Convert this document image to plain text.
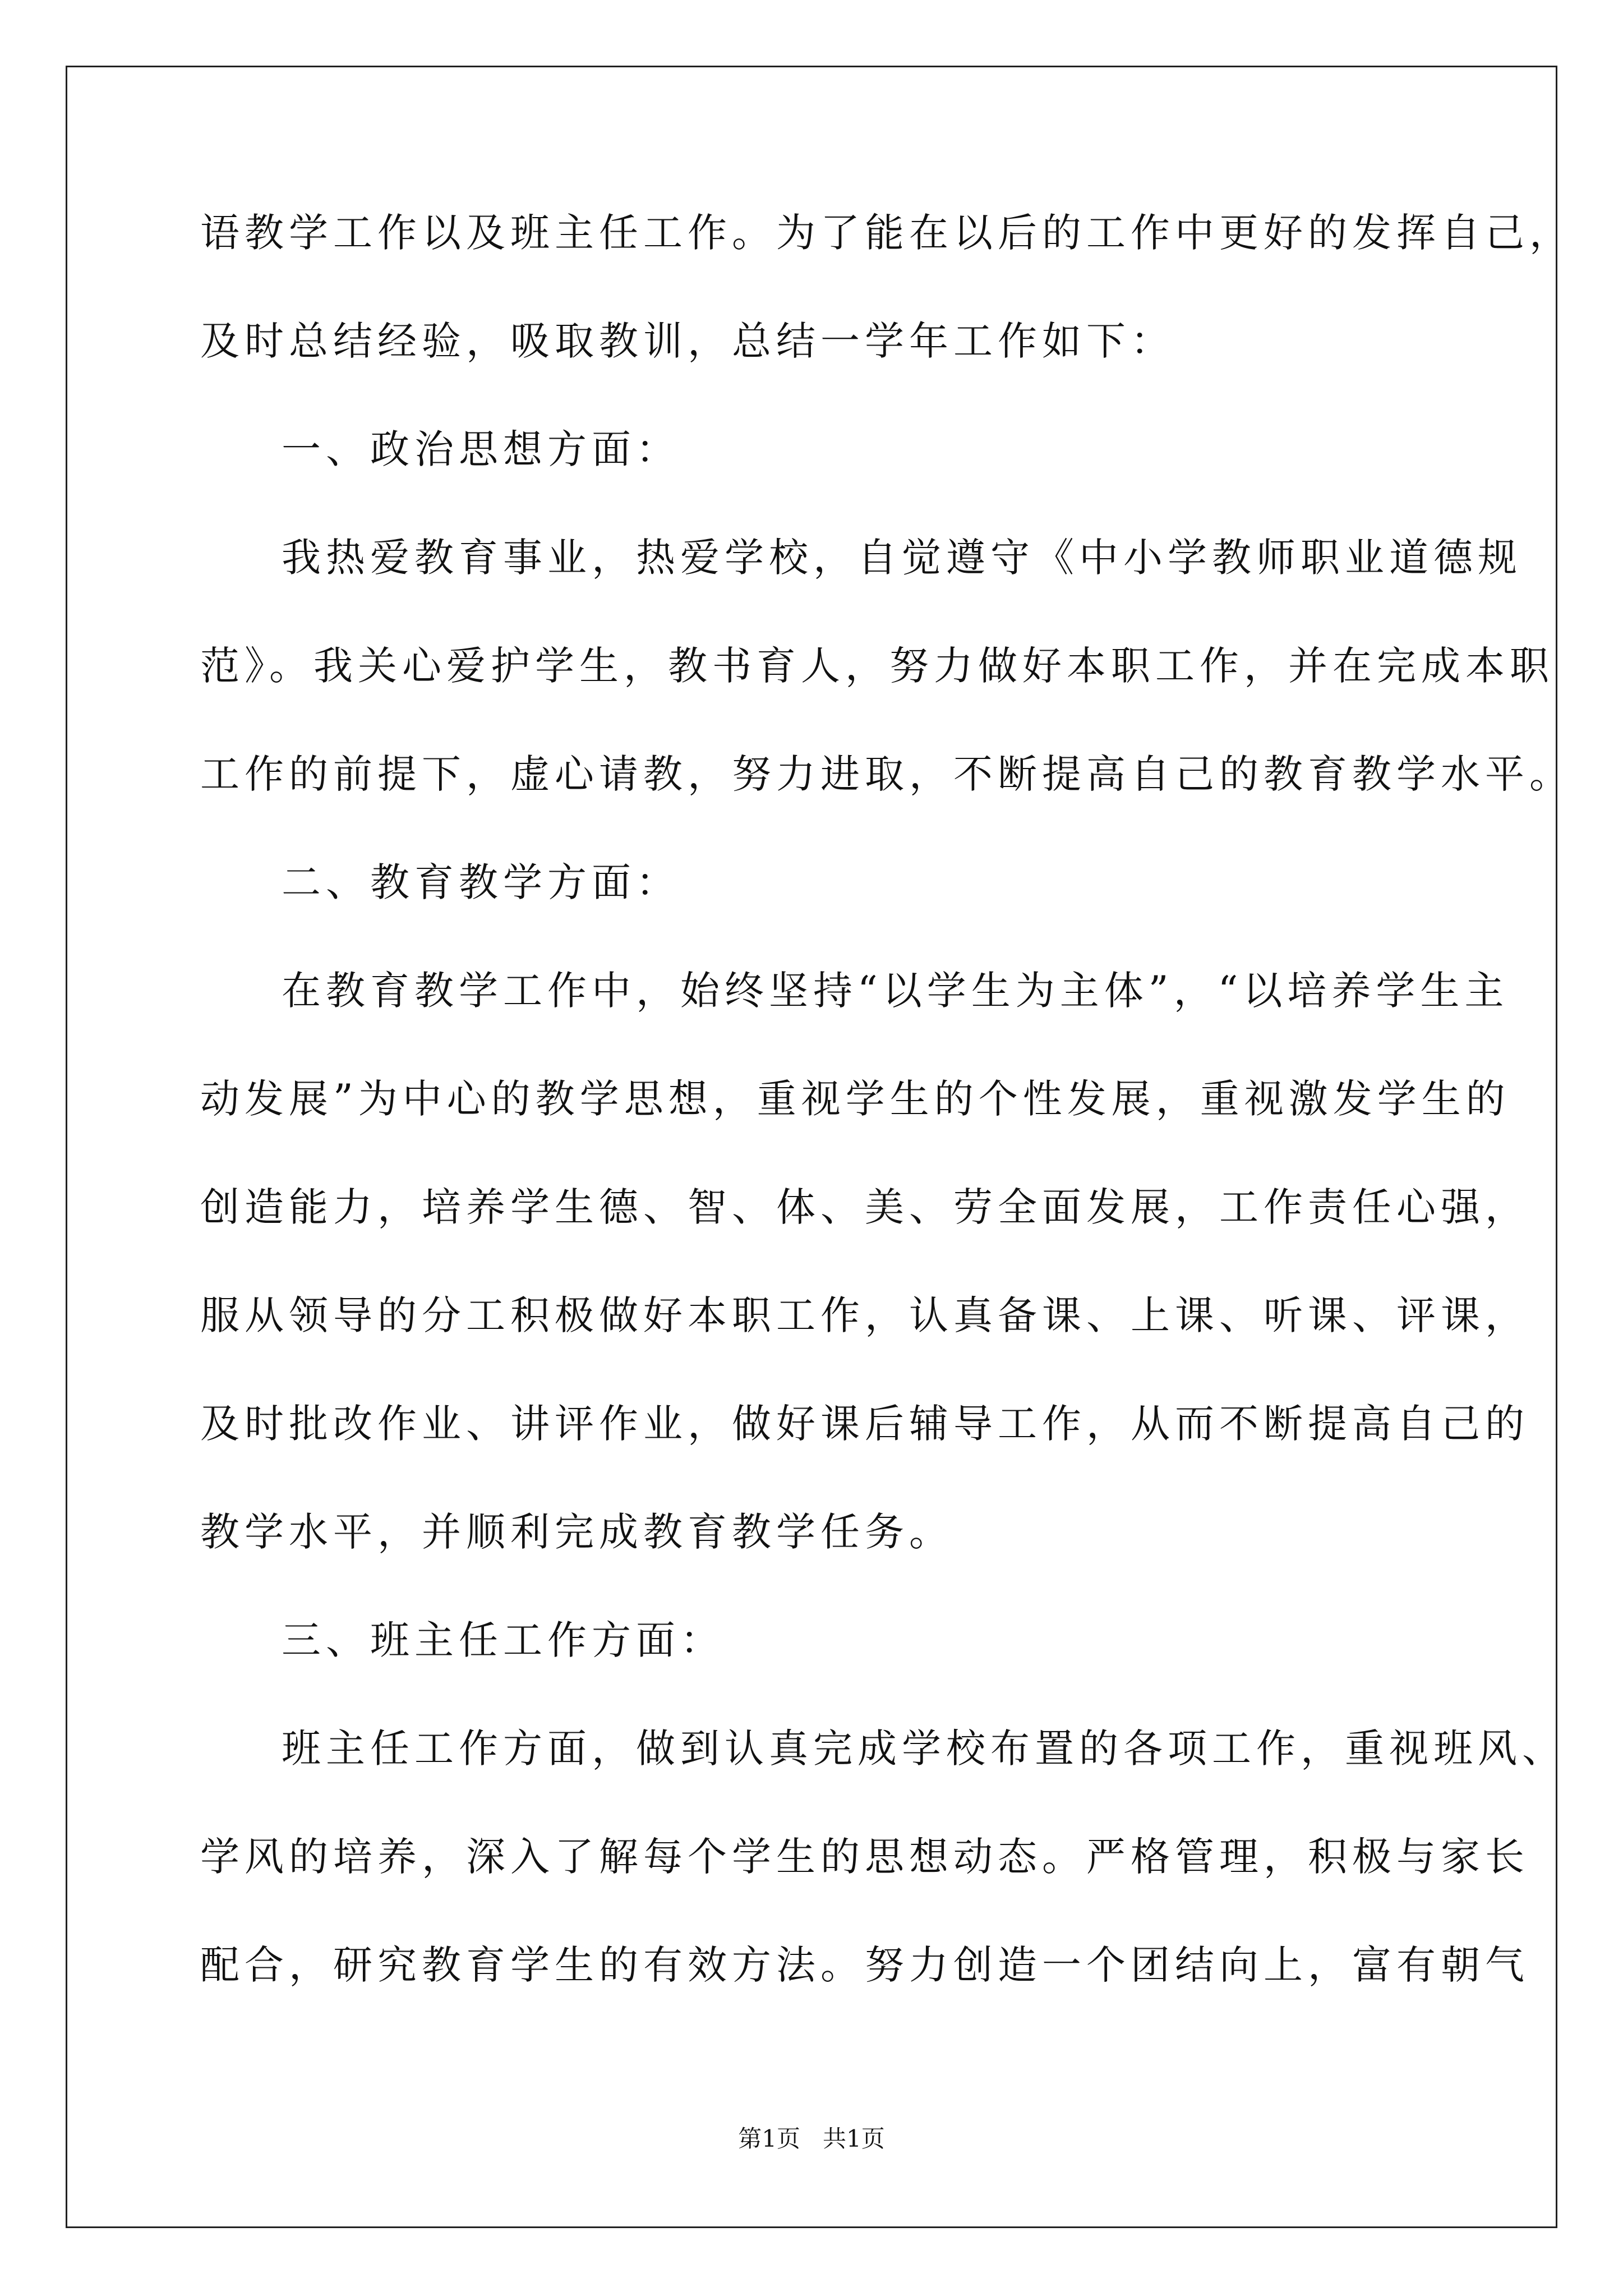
语教学工作以及班主任工作。为了能在以后的工作中更好的发挥自己，
及时总结经验，吸取教训，总结一学年工作如下：
一、政治思想方面：
我热爱教育事业，热爱学校，自觉遵守《中小学教师职业道德规
范》。我关心爱护学生，教书育人，努力做好本职工作，并在完成本职
工作的前提下，虚心请教，努力进取，不断提高自己的教育教学水平。
二、教育教学方面：
在教育教学工作中，始终坚持“以学生为主体”，“以培养学生主
动发展”为中心的教学思想，重视学生的个性发展，重视激发学生的
创造能力，培养学生德、智、体、美、劳全面发展，工作责任心强，
服从领导的分工积极做好本职工作，认真备课、上课、听课、评课，
及时批改作业、讲评作业，做好课后辅导工作，从而不断提高自己的
教学水平，并顺利完成教育教学任务。
三、班主任工作方面：
班主任工作方面，做到认真完成学校布置的各项工作，重视班风、
学风的培养，深入了解每个学生的思想动态。严格管理，积极与家长
配合，研究教育学生的有效方法。努力创造一个团结向上，富有朝气
第1页   共1页
